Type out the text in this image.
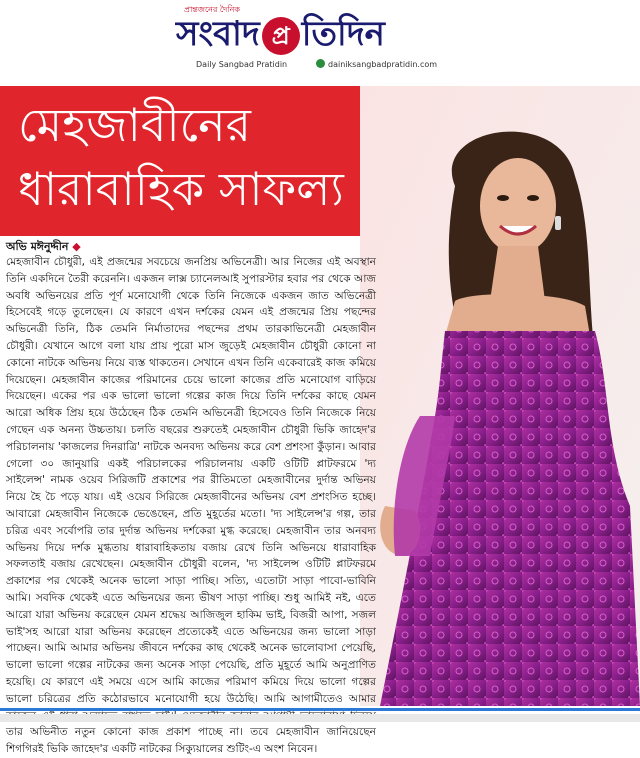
প্রান্তজনের দৈনিক
সংবাদ প্র তিদিন
Daily Sangbad Pratidin	dainiksangbadpratidin.com
মেহজাবীনের
ধারাবাহিক সাফল্য
অভি মঈনুদ্দীন ◆
মেহজাবীন চৌধুরী, এই প্রজন্মের সবচেয়ে জনপ্রিয় অভিনেত্রী। আর নিজের এই অবস্থান তিনি একদিনে তৈরী করেননি। একজন লাক্স চ্যানেলআই সুপারস্টার হবার পর থেকে আজ অবধি অভিনয়ের প্রতি পূর্ণ মনোযোগী থেকে তিনি নিজেকে একজন জাত অভিনেত্রী হিসেবেই গড়ে তুলেছেন। যে কারণে এখন দর্শকের যেমন এই প্রজন্মের প্রিয় পছন্দের অভিনেত্রী তিনি, ঠিক তেমনি নির্মাতাদের পছন্দের প্রথম তারকাভিনেত্রী মেহজাবীন চৌধুরী। যেখানে আগে বলা যায় প্রায় পুরো মাস জুড়েই মেহজাবীন চৌধুরী কোনো না কোনো নাটকে অভিনয় নিয়ে ব্যস্ত থাকতেন। সেখানে এখন তিনি একেবারেই কাজ কমিয়ে দিয়েছেন। মেহজাবীন কাজের পরিমানের চেয়ে ভালো কাজের প্রতি মনোযোগ বাড়িয়ে দিয়েছেন। একের পর এক ভালো ভালো গল্পের কাজ দিয়ে তিনি দর্শকের কাছে যেমন আরো অধিক প্রিয় হয়ে উঠেছেন ঠিক তেমনি অভিনেত্রী হিসেবেও তিনি নিজেকে নিয়ে গেছেন এক অনন্য উচ্চতায়। চলতি বছরের শুরুতেই মেহজাবীন চৌধুরী ভিকি জাহেদ'র পরিচালনায় 'কাজলের দিনরাত্রি' নাটকে অনবদ্য অভিনয় করে বেশ প্রশংসা কুঁড়ান। আবার গেলো ৩০ জানুয়ারি একই পরিচালকের পরিচালনায় একটি ওটিটি প্লাটফরমে 'দ্য সাইলেন্স' নামক ওয়েব সিরিজটি প্রকাশের পর রীতিমতো মেহজাবীনের দুর্দান্ত অভিনয় নিয়ে হৈ চৈ পড়ে যায়। এই ওয়েব সিরিজে মেহজাবীনের অভিনয় বেশ প্রশংসিত হচ্ছে। আবারো মেহজাবীন নিজেকে ভেঙেছেন, প্রতি মুহূর্তের মতো। 'দ্য সাইলেন্স'র গল্প, তার চরিত্র এবং সর্বোপরি তার দুর্দান্ত অভিনয় দর্শকেরা মুগ্ধ করেছে। মেহজাবীন তার অনবদ্য অভিনয় দিয়ে দর্শক মুগ্ধতায় ধারাবাহিকতায় বজায় রেখে তিনি অভিনয়ে ধারাবাহিক সফলতাই বজায় রেখেছেন। মেহজাবীন চৌধুরী বলেন, 'দ্য সাইলেন্স ওটিটি প্লাটফরমে প্রকাশের পর থেকেই অনেক ভালো সাড়া পাচ্ছি। সত্যি, এতোটা সাড়া পাবো-ভাবিনি আমি। সবদিক থেকেই এতে অভিনয়ের জন্য ভীষণ সাড়া পাচ্ছি। শুধু আমিই নই, এতে আরো যারা অভিনয় করেছেন যেমন শ্রদ্ধেয় আজিজুল হাকিম ভাই, বিজরী আপা, সজল ভাই'সহ আরো যারা অভিনয় করেছেন প্রত্যেকেই এতে অভিনয়ের জন্য ভালো সাড়া পাচ্ছেন। আমি আমার অভিনয় জীবনে দর্শকের কাছ থেকেই অনেক ভালোবাসা পেয়েছি, ভালো ভালো গল্পের নাটকের জন্য অনেক সাড়া পেয়েছি, প্রতি মুহূর্তে আমি অনুপ্রাণিত হয়েছি। যে কারণে এই সময়ে এসে আমি কাজের পরিমাণ কমিয়ে দিয়ে ভালো গল্পের ভালো চরিত্রের প্রতি কঠোরভাবে মনোযোগী হয়ে উঠেছি। আমি আগামীতেও আমার তার অভিনীত নতুন কোনো কাজ প্রকাশ পাচ্ছে না। তবে মেহজাবীন জানিয়েছেন শিগগিরই ভিকি জাহেদ'র একটি নাটকের সিক্যুয়ালের শুটিং-এ অংশ নিবেন।
